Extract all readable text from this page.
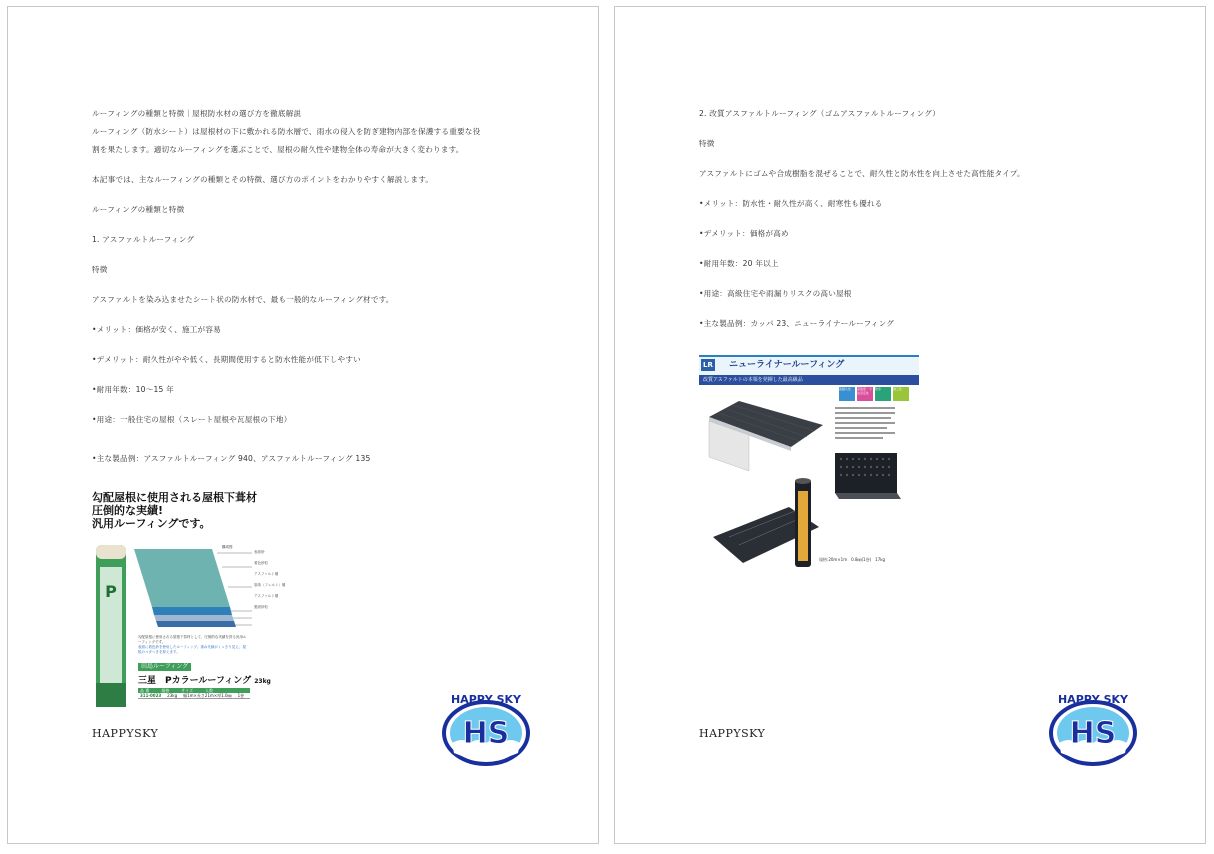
ルーフィングの種類と特徴｜屋根防水材の選び方を徹底解説
ルーフィング（防水シート）は屋根材の下に敷かれる防水層で、雨水の侵入を防ぎ建物内部を保護する重要な役
割を果たします。適切なルーフィングを選ぶことで、屋根の耐久性や建物全体の寿命が大きく変わります。
本記事では、主なルーフィングの種類とその特徴、選び方のポイントをわかりやすく解説します。
ルーフィングの種類と特徴
1. アスファルトルーフィング
特徴
アスファルトを染み込ませたシート状の防水材で、最も一般的なルーフィング材です。
•メリット：価格が安く、施工が容易
•デメリット：耐久性がやや低く、長期間使用すると防水性能が低下しやすい
•耐用年数：10〜15 年
•用途：一般住宅の屋根（スレート屋根や瓦屋根の下地）
•主な製品例：アスファルトルーフィング 940、アスファルトルーフィング 135
勾配屋根に使用される屋根下葺材
圧倒的な実績!
汎用ルーフィングです。
P
表面砂
着色砂粒
アスファルト層
原紙（フェルト）層
アスファルト層
裏面砂粒
構成図
勾配屋根に使用される屋根下葺材として、圧倒的な実績を誇る汎用ルーフィングです。
表面に着色砂を使用したルーフィング。重ね代線がくっきり見え、屋根のベタつきを抑えます。
田島ルーフィング
三星　Pカラールーフィング 23kg
品 番	規格	サイズ	入数
311-0023 23kg 幅1m×長さ21m×厚1.0㎜ 1巻
HAPPYSKY	HS
HAPPY SKY
2. 改質アスファルトルーフィング（ゴムアスファルトルーフィング）
特徴
アスファルトにゴムや合成樹脂を混ぜることで、耐久性と防水性を向上させた高性能タイプ。
•メリット：防水性・耐久性が高く、耐寒性も優れる
•デメリット：価格が高め
•耐用年数：20 年以上
•用途：高級住宅や雨漏りリスクの高い屋根
•主な製品例：カッパ 23、ニューライナールーフィング
LR ニューライナールーフィング
改質アスファルトの本領を発揮した最高級品
高耐久性	高強度・寸法安定性
防水	施工性
拡大図
規格:20m×1m　0.8㎜(1巻)　17kg
HAPPYSKY	HS
HAPPY SKY
